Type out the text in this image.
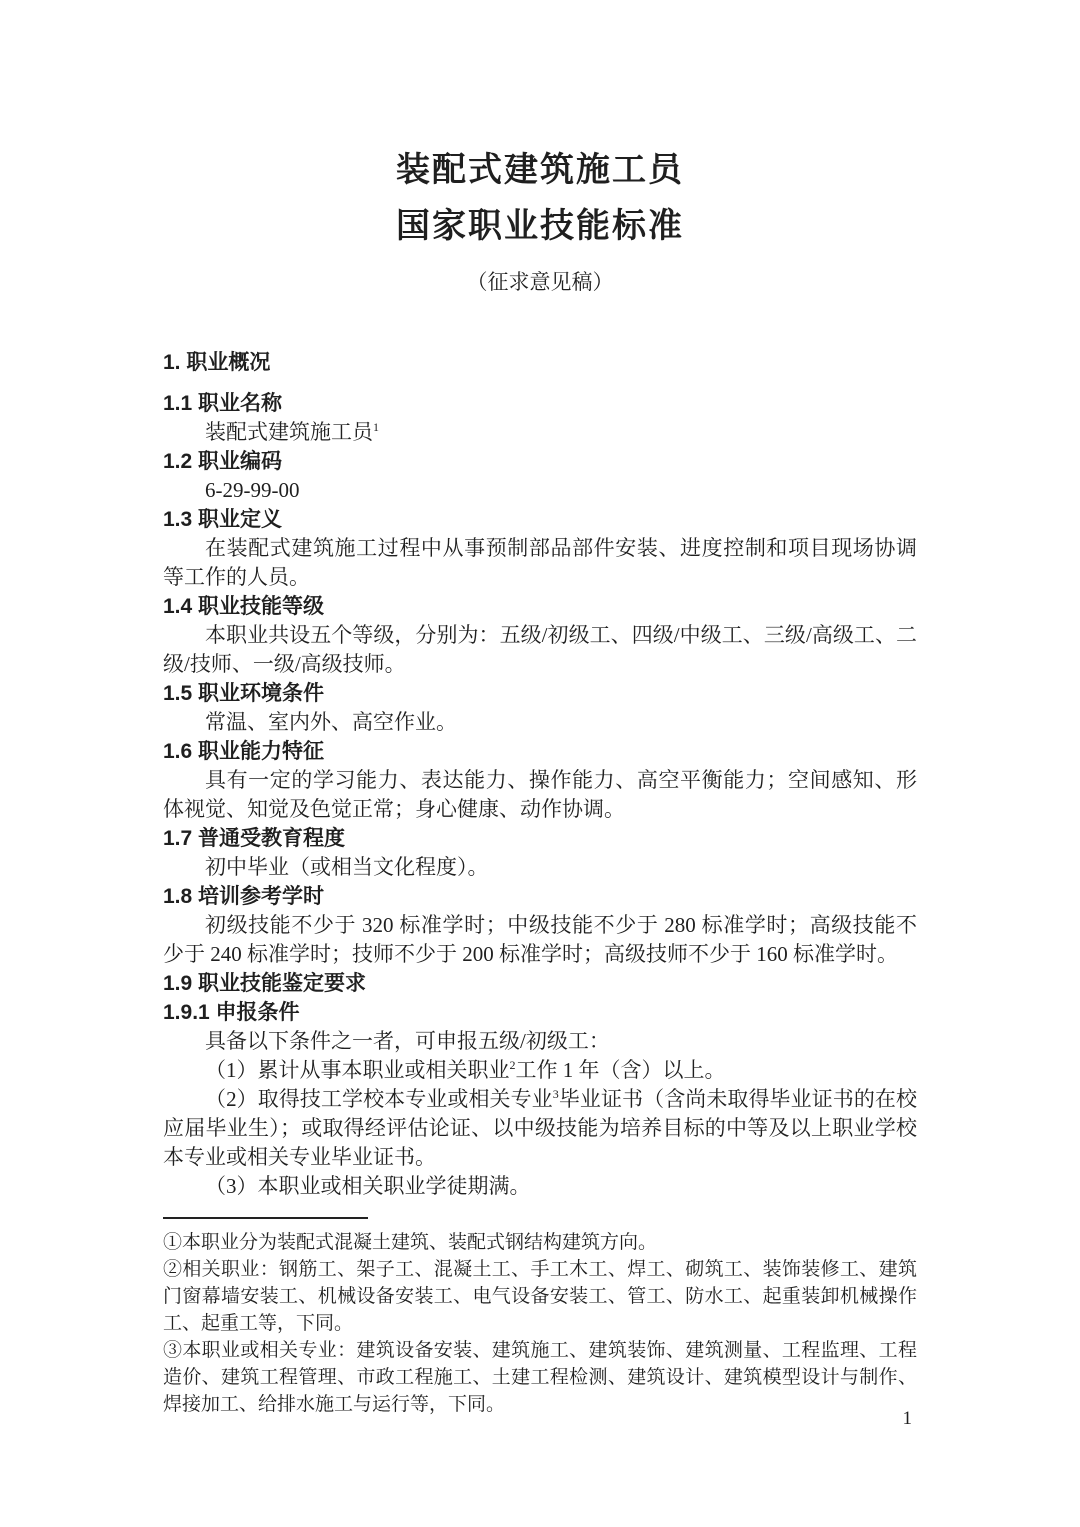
装配式建筑施工员
国家职业技能标准
（征求意见稿）
1. 职业概况
1.1 职业名称

装配式建筑施工员$^1$

1.2 职业编码

6-29-99-00

1.3 职业定义

在装配式建筑施工过程中从事预制部品部件安装、进度控制和项目现场协调等工作的人员。

1.4 职业技能等级

本职业共设五个等级，分别为：五级/初级工、四级/中级工、三级/高级工、二级/技师、一级/高级技师。

1.5 职业环境条件

常温、室内外、高空作业。

1.6 职业能力特征

具有一定的学习能力、表达能力、操作能力、高空平衡能力；空间感知、形体视觉、知觉及色觉正常；身心健康、动作协调。

1.7 普通受教育程度

初中毕业（或相当文化程度）。

1.8 培训参考学时

初级技能不少于 320 标准学时；中级技能不少于 280 标准学时；高级技能不少于 240 标准学时；技师不少于 200 标准学时；高级技师不少于 160 标准学时。

1.9 职业技能鉴定要求
1.9.1 申报条件

具备以下条件之一者，可申报五级/初级工：

（1）累计从事本职业或相关职业$^2$工作 1 年（含）以上。

（2）取得技工学校本专业或相关专业$^3$毕业证书（含尚未取得毕业证书的在校应届毕业生）；或取得经评估论证、以中级技能为培养目标的中等及以上职业学校本专业或相关专业毕业证书。

（3）本职业或相关职业学徒期满。

①本职业分为装配式混凝土建筑、装配式钢结构建筑方向。

②相关职业：钢筋工、架子工、混凝土工、手工木工、焊工、砌筑工、装饰装修工、建筑门窗幕墙安装工、机械设备安装工、电气设备安装工、管工、防水工、起重装卸机械操作工、起重工等，下同。

③本职业或相关专业：建筑设备安装、建筑施工、建筑装饰、建筑测量、工程监理、工程造价、建筑工程管理、市政工程施工、土建工程检测、建筑设计、建筑模型设计与制作、焊接加工、给排水施工与运行等，下同。

1
